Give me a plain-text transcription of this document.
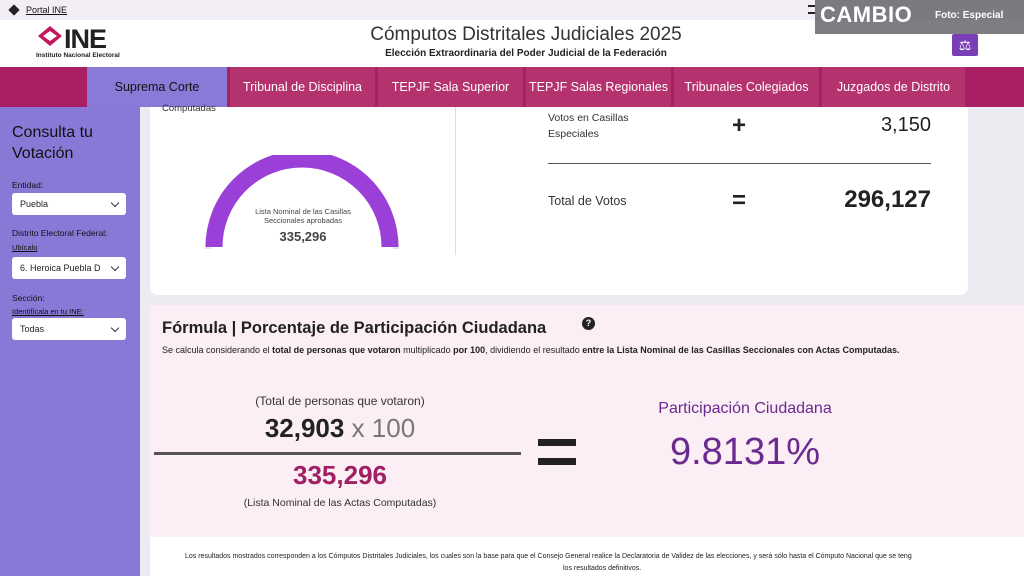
Portal INE
INE
Instituto Nacional Electoral
Cómputos Distritales Judiciales 2025
Elección Extraordinaria del Poder Judicial de la Federación
⚖
CAMBIO Foto: Especial
Suprema Corte	Tribunal de Disciplina	TEPJF Sala Superior	TEPJF Salas Regionales	Tribunales Colegiados	Juzgados de Distrito
Consulta tu Votación
Entidad:
Puebla
Distrito Electoral Federal:
Ubícalo
6. Heroica Puebla D
Sección:
Identifícala en tu INE:
Todas
Computadas
Lista Nominal de las Casillas Seccionales aprobadas
335,296
Votos en Casillas Especiales	+	3,150
Total de Votos	=	296,127
Fórmula | Porcentaje de Participación Ciudadana	?
Se calcula considerando el total de personas que votaron multiplicado por 100, dividiendo el resultado entre la Lista Nominal de las Casillas Seccionales con Actas Computadas.
(Total de personas que votaron)
32,903 x 100
335,296
(Lista Nominal de las Actas Computadas)
Participación Ciudadana
9.8131%

Los resultados mostrados corresponden a los Cómputos Distritales Judiciales, los cuales son la base para que el Consejo General realice la Declaratoria de Validez de las elecciones, y será sólo hasta el Cómputo Nacional que se teng
los resultados definitivos.
